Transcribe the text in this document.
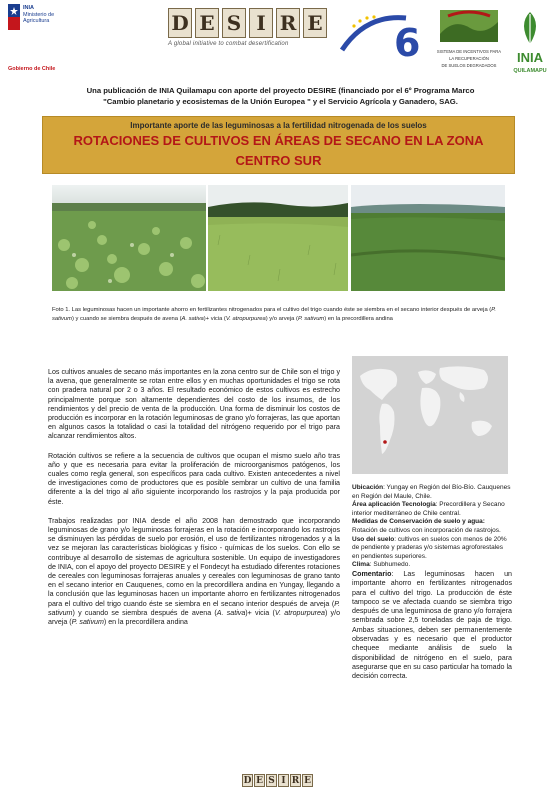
INIA
Ministerio de
Agricultura
Gobierno de Chile
D E S I R E
A global initiative to combat desertification	6	SISTEMA DE INCENTIVOS PARA
LA RECUPERACIÓN
DE SUELOS DEGRADADOS
INIA
QUILAMAPU
Una publicación de INIA Quilamapu con aporte del proyecto DESIRE (financiado por el 6º Programa Marco
"Cambio planetario y ecosistemas de la Unión Europea " y el Servicio Agrícola y Ganadero, SAG.
Importante aporte de las leguminosas a la fertilidad nitrogenada de los suelos
ROTACIONES DE CULTIVOS EN ÁREAS DE SECANO EN LA ZONA
CENTRO SUR
Foto 1. Las leguminosas hacen un importante ahorro en fertilizantes nitrogenados para el cultivo del trigo cuando éste se siembra en el secano interior después de arveja (P. sativum) y cuando se siembra después de avena (A. sativa)+ vicia (V. atropurpurea) y/o arveja (P. sativum) en la precordillera andina

Los cultivos anuales de secano más importantes en la zona centro sur de Chile son el trigo y la avena, que generalmente se rotan entre ellos y en muchas oportunidades el trigo se rota con pradera natural por 2 o 3 años. El resultado económico de estos cultivos es estrecho principalmente porque son altamente dependientes del costo de los insumos, de los rendimientos y del precio de venta de la producción. Una forma de disminuir los costos de producción es incorporar en la rotación leguminosas de grano y/o forrajeras, las que aportan en algunos casos la totalidad o casi la totalidad del nitrógeno requerido por el trigo para alcanzar rendimientos altos.

Rotación cultivos se refiere a la secuencia de cultivos que ocupan el mismo suelo año tras año y que es necesaria para evitar la proliferación de microorganismos patógenos, los cuales como regla general, son específicos para cada cultivo. Existen antecedentes a nivel de investigaciones como de productores que es posible sembrar un cultivo de una familia diferente a la del trigo al año siguiente incorporando los rastrojos y la paja producida por éste.

Trabajos realizadas por INIA desde el año 2008 han demostrado que incorporando leguminosas de grano y/o leguminosas forrajeras en la rotación e incorporando los rastrojos se disminuyen las pérdidas de suelo por erosión, el uso de fertilizantes nitrogenados y a la vez se mejoran las características biológicas y físico - químicas de los suelos. Con ello se contribuye al desarrollo de sistemas de agricultura sostenible. Un equipo de investigadores de INIA, con el apoyo del proyecto DESIRE y el Fondecyt ha estudiado diferentes rotaciones de cereales con leguminosas forrajeras anuales y cereales con leguminosas de grano tanto en el secano interior en Cauquenes, como en la precordillera andina en Yungay, llegando a la conclusión que las leguminosas hacen un importante ahorro en fertilizantes nitrogenados para el cultivo del trigo cuando éste se siembra en el secano interior después de arveja (P. sativum) y cuando se siembra después de avena (A. sativa)+ vicia (V. atropurpurea) y/o arveja (P. sativum) en la precordillera andina

Ubicación: Yungay en Región del Bío-Bío. Cauquenes en Región del Maule, Chile.

Área aplicación Tecnología: Precordillera y Secano interior mediterráneo de Chile central.

Medidas de Conservación de suelo y agua:
Rotación de cultivos con incorporación de rastrojos.

Uso del suelo: cultivos en suelos con menos de 20% de pendiente y praderas y/o sistemas agroforestales en pendientes superiores.

Clima: Subhumedo.

Comentario: Las leguminosas hacen un importante ahorro en fertilizantes nitrogenados para el cultivo del trigo. La producción de éste tampoco se ve afectada cuando se siembra trigo después de una leguminosa de grano y/o forrajera sembrada sobre 2,5 toneladas de paja de trigo. Ambas situaciones, deben ser permanentemente observadas y es necesario que el productor chequee mediante análisis de suelo la disponibilidad de nitrógeno en el suelo, para asegurarse que en su caso particular ha tomado la decisión correcta.

D E S I R E
